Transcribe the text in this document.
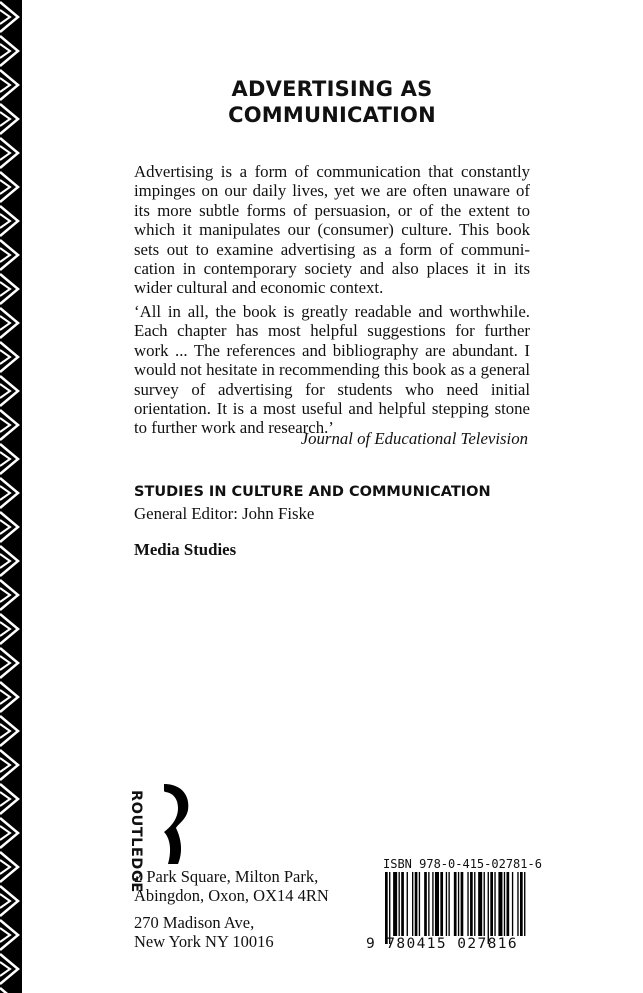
ADVERTISING AS
COMMUNICATION

Advertising is a form of communication that constantly impinges on our daily lives, yet we are often unaware of its more subtle forms of persuasion, or of the extent to which it manipulates our (consumer) culture. This book sets out to examine advertising as a form of communi-cation in contemporary society and also places it in its wider cultural and economic context.

‘All in all, the book is greatly readable and worthwhile. Each chapter has most helpful suggestions for further work ... The references and bibliography are abundant. I would not hesitate in recommending this book as a general survey of advertising for students who need initial orientation. It is a most useful and helpful stepping stone to further work and research.’

Journal of Educational Television
STUDIES IN CULTURE AND COMMUNICATION
General Editor: John Fiske
Media Studies
ROUTLEDGE
2 Park Square, Milton Park,
Abingdon, Oxon, OX14 4RN
270 Madison Ave,
New York NY 10016
ISBN 978-0-415-02781-6
9 780415 027816
